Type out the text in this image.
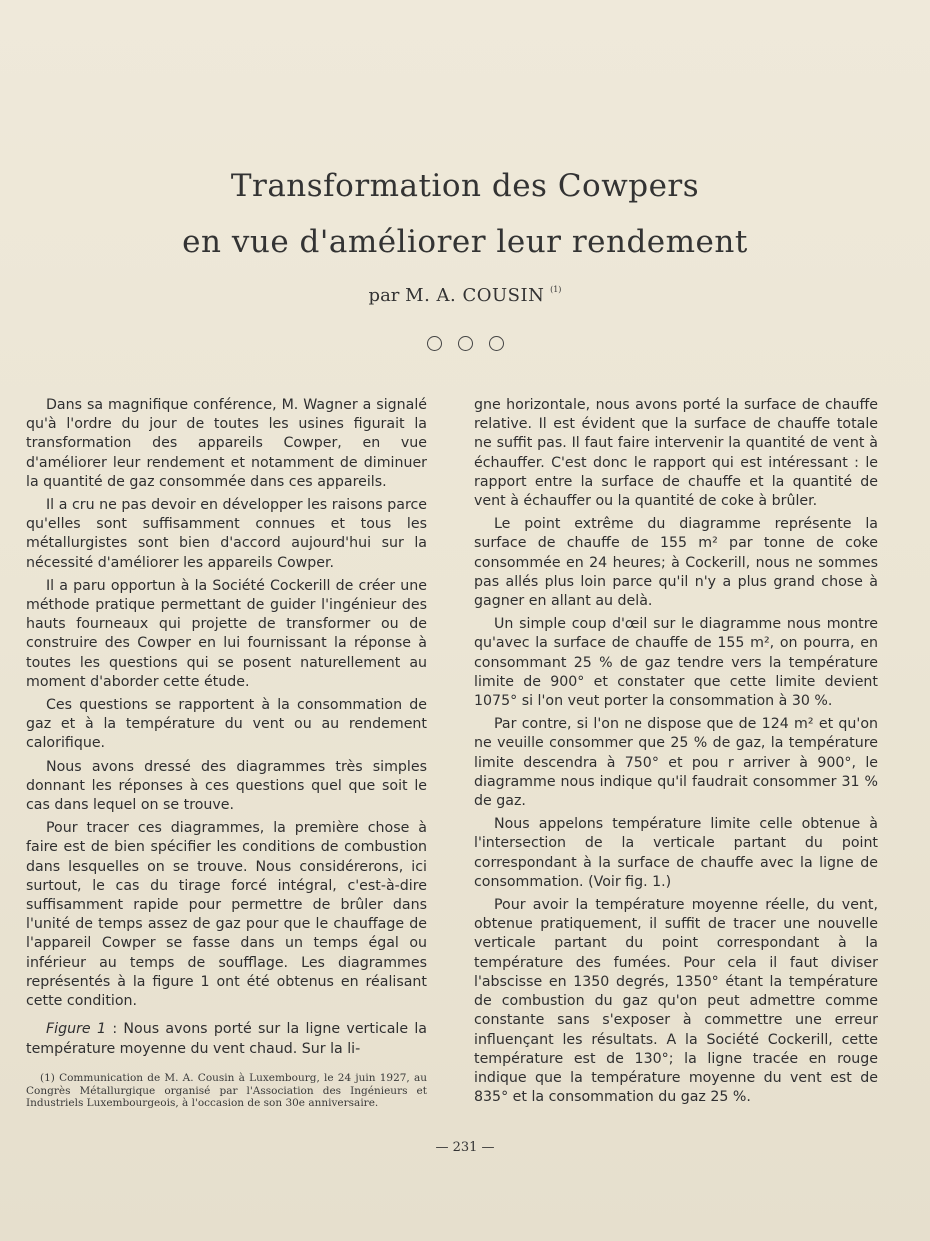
Transformation des Cowpers
en vue d'améliorer leur rendement
par M. A. COUSIN $^{(1)}$

Dans sa magnifique conférence, M. Wagner a signalé qu'à l'ordre du jour de toutes les usines figurait la transformation des appareils Cowper, en vue d'améliorer leur rendement et notamment de diminuer la quantité de gaz consommée dans ces appareils.

Il a cru ne pas devoir en développer les raisons parce qu'elles sont suffisamment connues et tous les métallurgistes sont bien d'accord aujourd'hui sur la nécessité d'améliorer les appareils Cowper.

Il a paru opportun à la Société Cockerill de créer une méthode pratique permettant de guider l'ingénieur des hauts fourneaux qui projette de transformer ou de construire des Cowper en lui fournissant la réponse à toutes les questions qui se posent naturellement au moment d'aborder cette étude.

Ces questions se rapportent à la consommation de gaz et à la température du vent ou au rendement calorifique.

Nous avons dressé des diagrammes très simples donnant les réponses à ces questions quel que soit le cas dans lequel on se trouve.

Pour tracer ces diagrammes, la première chose à faire est de bien spécifier les conditions de combustion dans lesquelles on se trouve. Nous considérerons, ici surtout, le cas du tirage forcé intégral, c'est-à-dire suffisamment rapide pour permettre de brûler dans l'unité de temps assez de gaz pour que le chauffage de l'appareil Cowper se fasse dans un temps égal ou inférieur au temps de soufflage. Les diagrammes représentés à la figure 1 ont été obtenus en réalisant cette condition.

Figure 1 : Nous avons porté sur la ligne verticale la température moyenne du vent chaud. Sur la li-

gne horizontale, nous avons porté la surface de chauffe relative. Il est évident que la surface de chauffe totale ne suffit pas. Il faut faire intervenir la quantité de vent à échauffer. C'est donc le rapport qui est intéressant : le rapport entre la surface de chauffe et la quantité de vent à échauffer ou la quantité de coke à brûler.

Le point extrême du diagramme représente la surface de chauffe de 155 m² par tonne de coke consommée en 24 heures; à Cockerill, nous ne sommes pas allés plus loin parce qu'il n'y a plus grand chose à gagner en allant au delà.

Un simple coup d'œil sur le diagramme nous montre qu'avec la surface de chauffe de 155 m², on pourra, en consommant 25 % de gaz tendre vers la température limite de 900° et constater que cette limite devient 1075° si l'on veut porter la consommation à 30 %.

Par contre, si l'on ne dispose que de 124 m² et qu'on ne veuille consommer que 25 % de gaz, la température limite descendra à 750° et pou r arriver à 900°, le diagramme nous indique qu'il faudrait consommer 31 % de gaz.

Nous appelons température limite celle obtenue à l'intersection de la verticale partant du point correspondant à la surface de chauffe avec la ligne de consommation. (Voir fig. 1.)

Pour avoir la température moyenne réelle, du vent, obtenue pratiquement, il suffit de tracer une nouvelle verticale partant du point correspondant à la température des fumées. Pour cela il faut diviser l'abscisse en 1350 degrés, 1350° étant la température de combustion du gaz qu'on peut admettre comme constante sans s'exposer à commettre une erreur influençant les résultats. A la Société Cockerill, cette température est de 130°; la ligne tracée en rouge indique que la température moyenne du vent est de 835° et la consommation du gaz 25 %.

(1) Communication de M. A. Cousin à Luxembourg, le 24 juin 1927, au Congrès Métallurgique organisé par l'Association des Ingénieurs et Industriels Luxembourgeois, à l'occasion de son 30e anniversaire.
— 231 —
